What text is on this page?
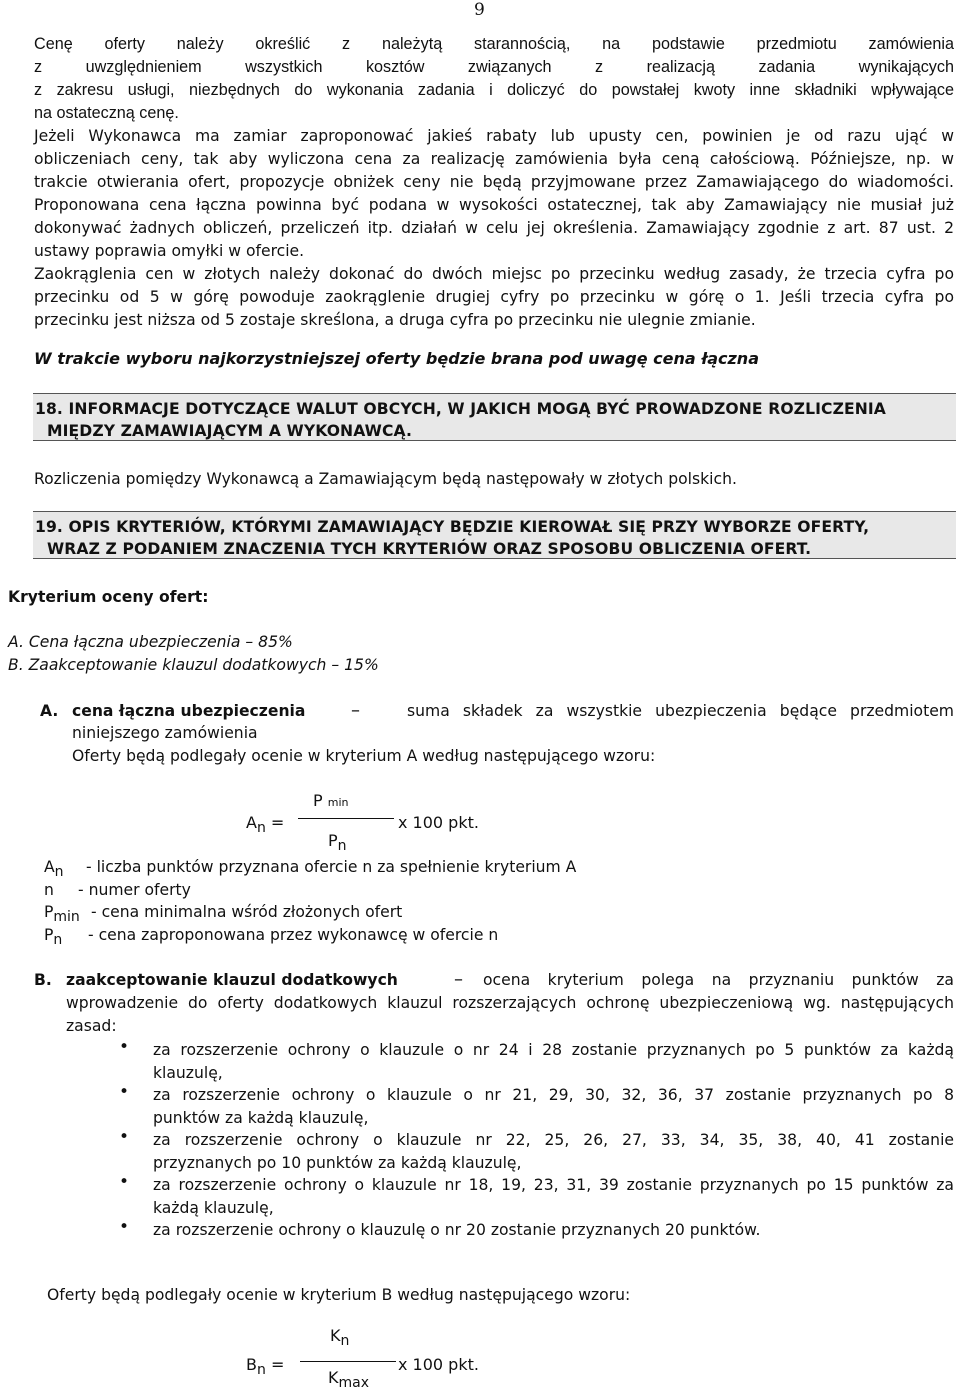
9
Cenę oferty należy określić z należytą starannością, na podstawie przedmiotu zamówienia
z uwzględnieniem wszystkich kosztów związanych z realizacją zadania wynikających
z zakresu usługi, niezbędnych do wykonania zadania i doliczyć do powstałej kwoty inne składniki wpływające
na ostateczną cenę.
Jeżeli Wykonawca ma zamiar zaproponować jakieś rabaty lub upusty cen, powinien je od razu ująć w
obliczeniach ceny, tak aby wyliczona cena za realizację zamówienia była ceną całościową. Późniejsze, np. w
trakcie otwierania ofert, propozycje obniżek ceny nie będą przyjmowane przez Zamawiającego do wiadomości.
Proponowana cena łączna powinna być podana w wysokości ostatecznej, tak aby Zamawiający nie musiał już
dokonywać żadnych obliczeń, przeliczeń itp. działań w celu jej określenia. Zamawiający zgodnie z art. 87 ust. 2
ustawy poprawia omyłki w ofercie.
Zaokrąglenia cen w złotych należy dokonać do dwóch miejsc po przecinku według zasady, że trzecia cyfra po
przecinku od 5 w górę powoduje zaokrąglenie drugiej cyfry po przecinku w górę o 1. Jeśli trzecia cyfra po
przecinku jest niższa od 5 zostaje skreślona, a druga cyfra po przecinku nie ulegnie zmianie.
W trakcie wyboru najkorzystniejszej oferty będzie brana pod uwagę cena łączna
18. INFORMACJE DOTYCZĄCE WALUT OBCYCH, W JAKICH MOGĄ BYĆ PROWADZONE ROZLICZENIA
MIĘDZY ZAMAWIAJĄCYM A WYKONAWCĄ.
Rozliczenia pomiędzy Wykonawcą a Zamawiającym będą następowały w złotych polskich.
19. OPIS KRYTERIÓW, KTÓRYMI ZAMAWIAJĄCY BĘDZIE KIEROWAŁ SIĘ PRZY WYBORZE OFERTY,
WRAZ Z PODANIEM ZNACZENIA TYCH KRYTERIÓW ORAZ SPOSOBU OBLICZENIA OFERT.
Kryterium oceny ofert:
A. Cena łączna ubezpieczenia – 85%
B. Zaakceptowanie klauzul dodatkowych – 15%
A. cena łączna ubezpieczenia	–	suma składek za wszystkie ubezpieczenia będące przedmiotem
niniejszego zamówienia
Oferty będą podlegały ocenie w kryterium A według następującego wzoru:
An =
P min
Pn
x 100 pkt.
An - liczba punktów przyznana ofercie n za spełnienie kryterium A
n - numer oferty
Pmin - cena minimalna wśród złożonych ofert
Pn - cena zaproponowana przez wykonawcę w ofercie n
B. zaakceptowanie klauzul dodatkowych	– ocena kryterium polega na przyznaniu punktów za
wprowadzenie do oferty dodatkowych klauzul rozszerzających ochronę ubezpieczeniową wg. następujących
zasad:
• za rozszerzenie ochrony o klauzule o nr 24 i 28 zostanie przyznanych po 5 punktów za każdą
klauzulę,
• za rozszerzenie ochrony o klauzule o nr 21, 29, 30, 32, 36, 37 zostanie przyznanych po 8
punktów za każdą klauzulę,
• za rozszerzenie ochrony o klauzule nr 22, 25, 26, 27, 33, 34, 35, 38, 40, 41 zostanie
przyznanych po 10 punktów za każdą klauzulę,
• za rozszerzenie ochrony o klauzule nr 18, 19, 23, 31, 39 zostanie przyznanych po 15 punktów za
każdą klauzulę,
• za rozszerzenie ochrony o klauzulę o nr 20 zostanie przyznanych 20 punktów.
Oferty będą podlegały ocenie w kryterium B według następującego wzoru:
Bn =
Kn
Kmax
x 100 pkt.
